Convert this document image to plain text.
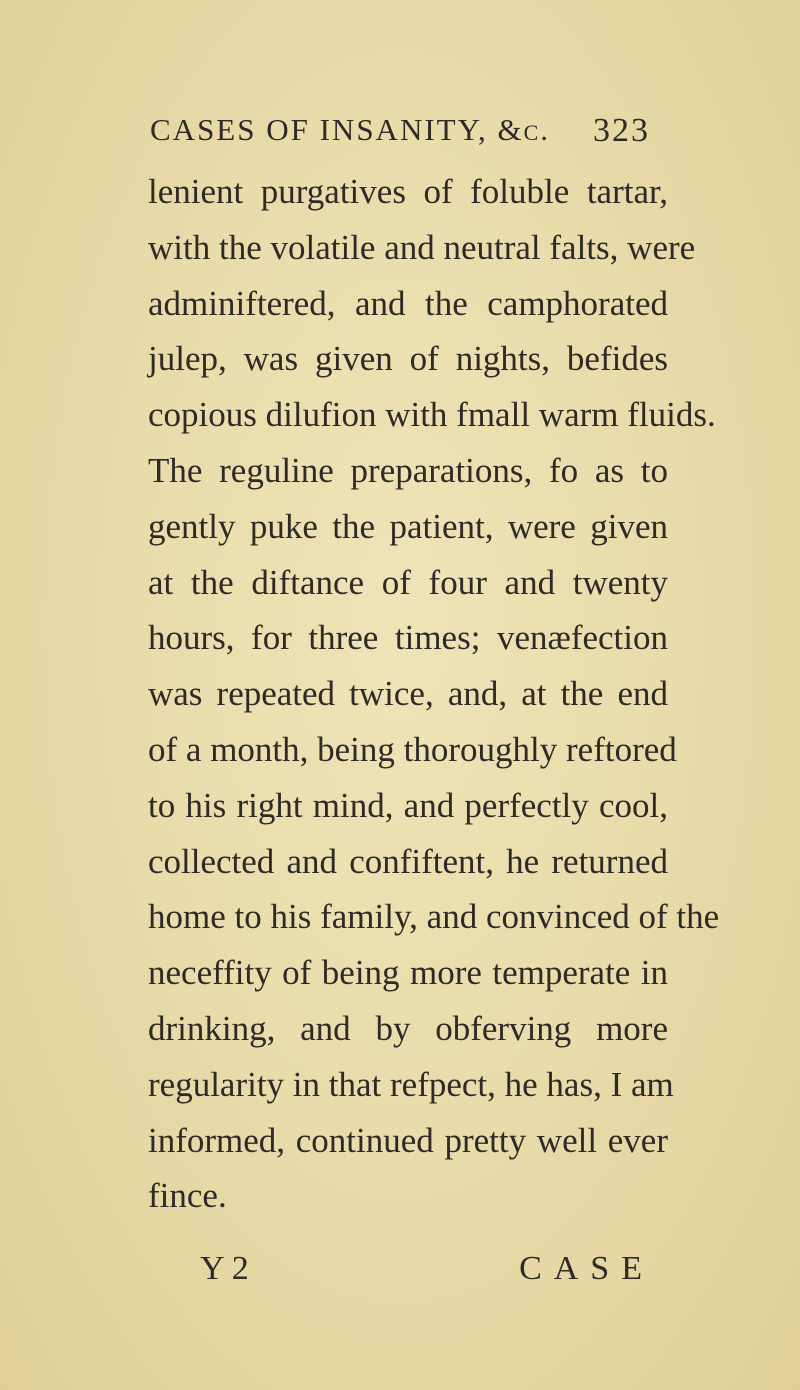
CASES OF INSANITY, &c. 323
lenient purgatives of foluble tartar,
with the volatile and neutral falts, were
adminiftered, and the camphorated
julep, was given of nights, befides
copious dilufion with fmall warm fluids.
The reguline preparations, fo as to
gently puke the patient, were given
at the diftance of four and twenty
hours, for three times; venæfection
was repeated twice, and, at the end
of a month, being thoroughly reftored
to his right mind, and perfectly cool,
collected and confiftent, he returned
home to his family, and convinced of the
neceffity of being more temperate in
drinking, and by obferving more
regularity in that refpect, he has, I am
informed, continued pretty well ever
fince.
Y 2	CASE
